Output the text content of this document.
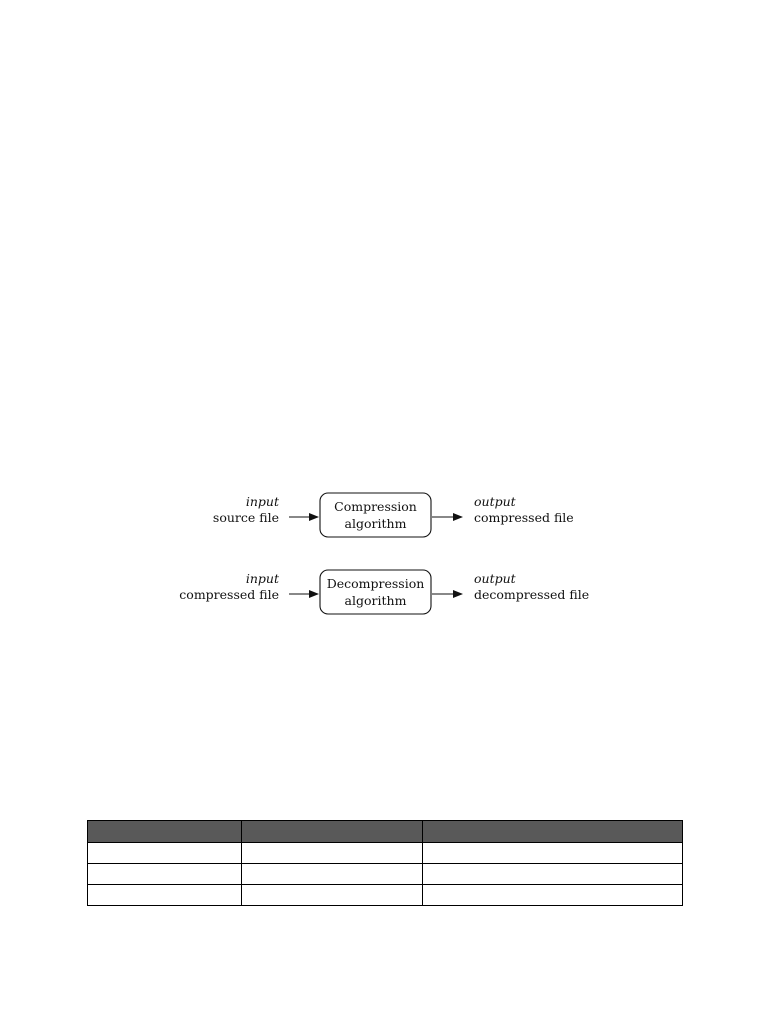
input
source file
Compression
algorithm
output
compressed file
input
compressed file
Decompression
algorithm
output
decompressed file
